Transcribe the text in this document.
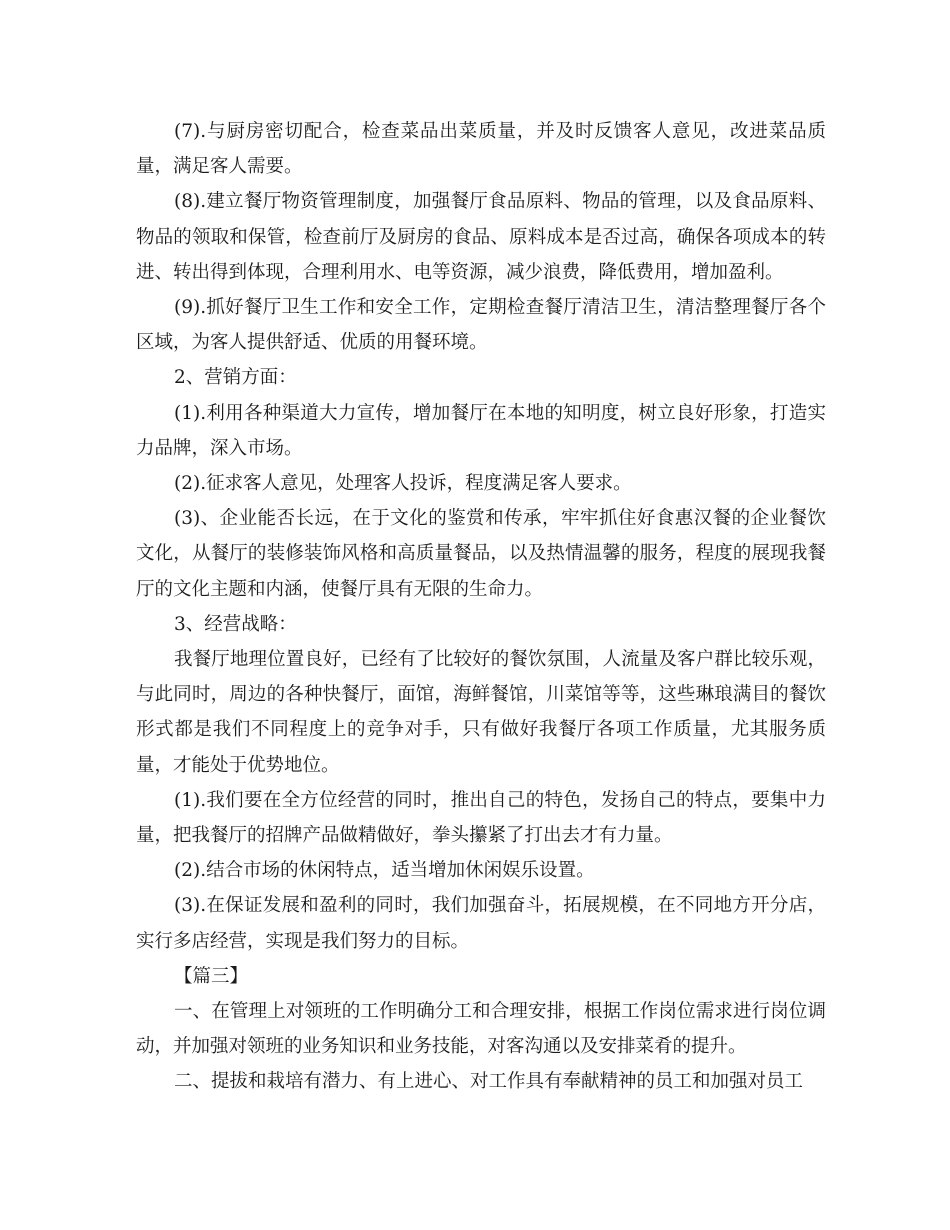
(7).与厨房密切配合，检查菜品出菜质量，并及时反馈客人意见，改进菜品质量，满足客人需要。

(8).建立餐厅物资管理制度，加强餐厅食品原料、物品的管理，以及食品原料、物品的领取和保管，检查前厅及厨房的食品、原料成本是否过高，确保各项成本的转进、转出得到体现，合理利用水、电等资源，减少浪费，降低费用，增加盈利。

(9).抓好餐厅卫生工作和安全工作，定期检查餐厅清洁卫生，清洁整理餐厅各个区域，为客人提供舒适、优质的用餐环境。

2、营销方面：

(1).利用各种渠道大力宣传，增加餐厅在本地的知明度，树立良好形象，打造实力品牌，深入市场。

(2).征求客人意见，处理客人投诉，程度满足客人要求。

(3)、企业能否长远，在于文化的鉴赏和传承，牢牢抓住好食惠汉餐的企业餐饮文化，从餐厅的装修装饰风格和高质量餐品，以及热情温馨的服务，程度的展现我餐厅的文化主题和内涵，使餐厅具有无限的生命力。

3、经营战略：

我餐厅地理位置良好，已经有了比较好的餐饮氛围，人流量及客户群比较乐观，与此同时，周边的各种快餐厅，面馆，海鲜餐馆，川菜馆等等，这些琳琅满目的餐饮形式都是我们不同程度上的竞争对手，只有做好我餐厅各项工作质量，尤其服务质量，才能处于优势地位。

(1).我们要在全方位经营的同时，推出自己的特色，发扬自己的特点，要集中力量，把我餐厅的招牌产品做精做好，拳头攥紧了打出去才有力量。

(2).结合市场的休闲特点，适当增加休闲娱乐设置。

(3).在保证发展和盈利的同时，我们加强奋斗，拓展规模，在不同地方开分店，实行多店经营，实现是我们努力的目标。

【篇三】

一、在管理上对领班的工作明确分工和合理安排，根据工作岗位需求进行岗位调动，并加强对领班的业务知识和业务技能，对客沟通以及安排菜肴的提升。

二、提拔和栽培有潜力、有上进心、对工作具有奉献精神的员工和加强对员工
